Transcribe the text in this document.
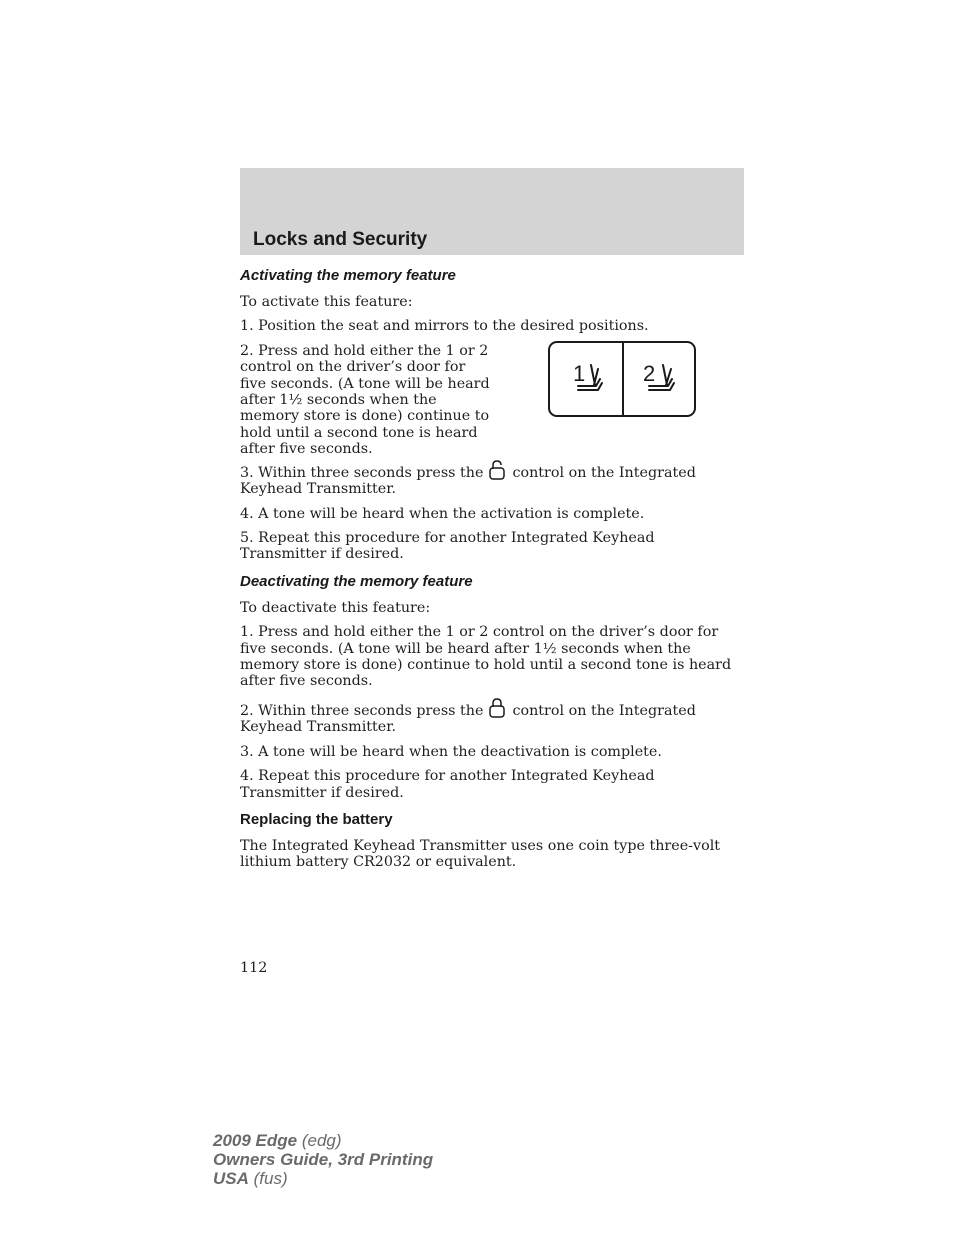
Locks and Security
Activating the memory feature

To activate this feature:

1. Position the seat and mirrors to the desired positions.

2. Press and hold either the 1 or 2 control on the driver’s door for five seconds. (A tone will be heard after 1½ seconds when the memory store is done) continue to hold until a second tone is heard after five seconds.

1	2

3. Within three seconds press the control on the Integrated Keyhead Transmitter.

4. A tone will be heard when the activation is complete.

5. Repeat this procedure for another Integrated Keyhead Transmitter if desired.

Deactivating the memory feature

To deactivate this feature:

1. Press and hold either the 1 or 2 control on the driver’s door for five seconds. (A tone will be heard after 1½ seconds when the memory store is done) continue to hold until a second tone is heard after five seconds.

2. Within three seconds press the control on the Integrated Keyhead Transmitter.

3. A tone will be heard when the deactivation is complete.

4. Repeat this procedure for another Integrated Keyhead Transmitter if desired.

Replacing the battery

The Integrated Keyhead Transmitter uses one coin type three-volt lithium battery CR2032 or equivalent.

112
2009 Edge (edg)
Owners Guide, 3rd Printing
USA (fus)
